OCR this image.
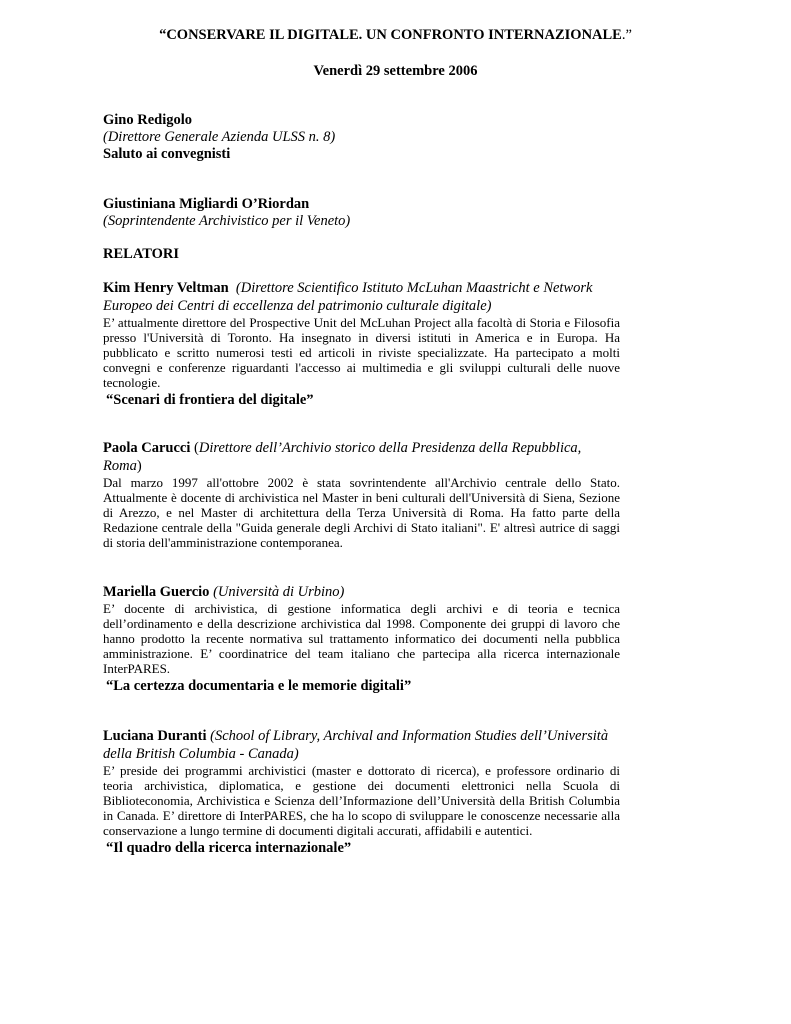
“CONSERVARE IL DIGITALE. UN CONFRONTO INTERNAZIONALE.”
Venerdì 29 settembre 2006
Gino Redigolo
(Direttore Generale Azienda ULSS n. 8)
Saluto ai convegnisti
Giustiniana Migliardi O’Riordan
(Soprintendente Archivistico per il Veneto)
RELATORI
Kim Henry Veltman (Direttore Scientifico Istituto McLuhan Maastricht e Network Europeo dei Centri di eccellenza del patrimonio culturale digitale)

E’ attualmente direttore del Prospective Unit del McLuhan Project alla facoltà di Storia e Filosofia presso l'Università di Toronto. Ha insegnato in diversi istituti in America e in Europa. Ha pubblicato e scritto numerosi testi ed articoli in riviste specializzate. Ha partecipato a molti convegni e conferenze riguardanti l'accesso ai multimedia e gli sviluppi culturali delle nuove tecnologie.

“Scenari di frontiera del digitale”
Paola Carucci (Direttore dell’Archivio storico della Presidenza della Repubblica, Roma)

Dal marzo 1997 all'ottobre 2002 è stata sovrintendente all'Archivio centrale dello Stato. Attualmente è docente di archivistica nel Master in beni culturali dell'Università di Siena, Sezione di Arezzo, e nel Master di architettura della Terza Università di Roma. Ha fatto parte della Redazione centrale della "Guida generale degli Archivi di Stato italiani". E' altresì autrice di saggi di storia dell'amministrazione contemporanea.

Mariella Guercio (Università di Urbino)

E’ docente di archivistica, di gestione informatica degli archivi e di teoria e tecnica dell’ordinamento e della descrizione archivistica dal 1998. Componente dei gruppi di lavoro che hanno prodotto la recente normativa sul trattamento informatico dei documenti nella pubblica amministrazione. E’ coordinatrice del team italiano che partecipa alla ricerca internazionale InterPARES.

“La certezza documentaria e le memorie digitali”
Luciana Duranti (School of Library, Archival and Information Studies dell’Università della British Columbia - Canada)

E’ preside dei programmi archivistici (master e dottorato di ricerca), e professore ordinario di teoria archivistica, diplomatica, e gestione dei documenti elettronici nella Scuola di Biblioteconomia, Archivistica e Scienza dell’Informazione dell’Università della British Columbia in Canada. E’ direttore di InterPARES, che ha lo scopo di sviluppare le conoscenze necessarie alla conservazione a lungo termine di documenti digitali accurati, affidabili e autentici.

“Il quadro della ricerca internazionale”
